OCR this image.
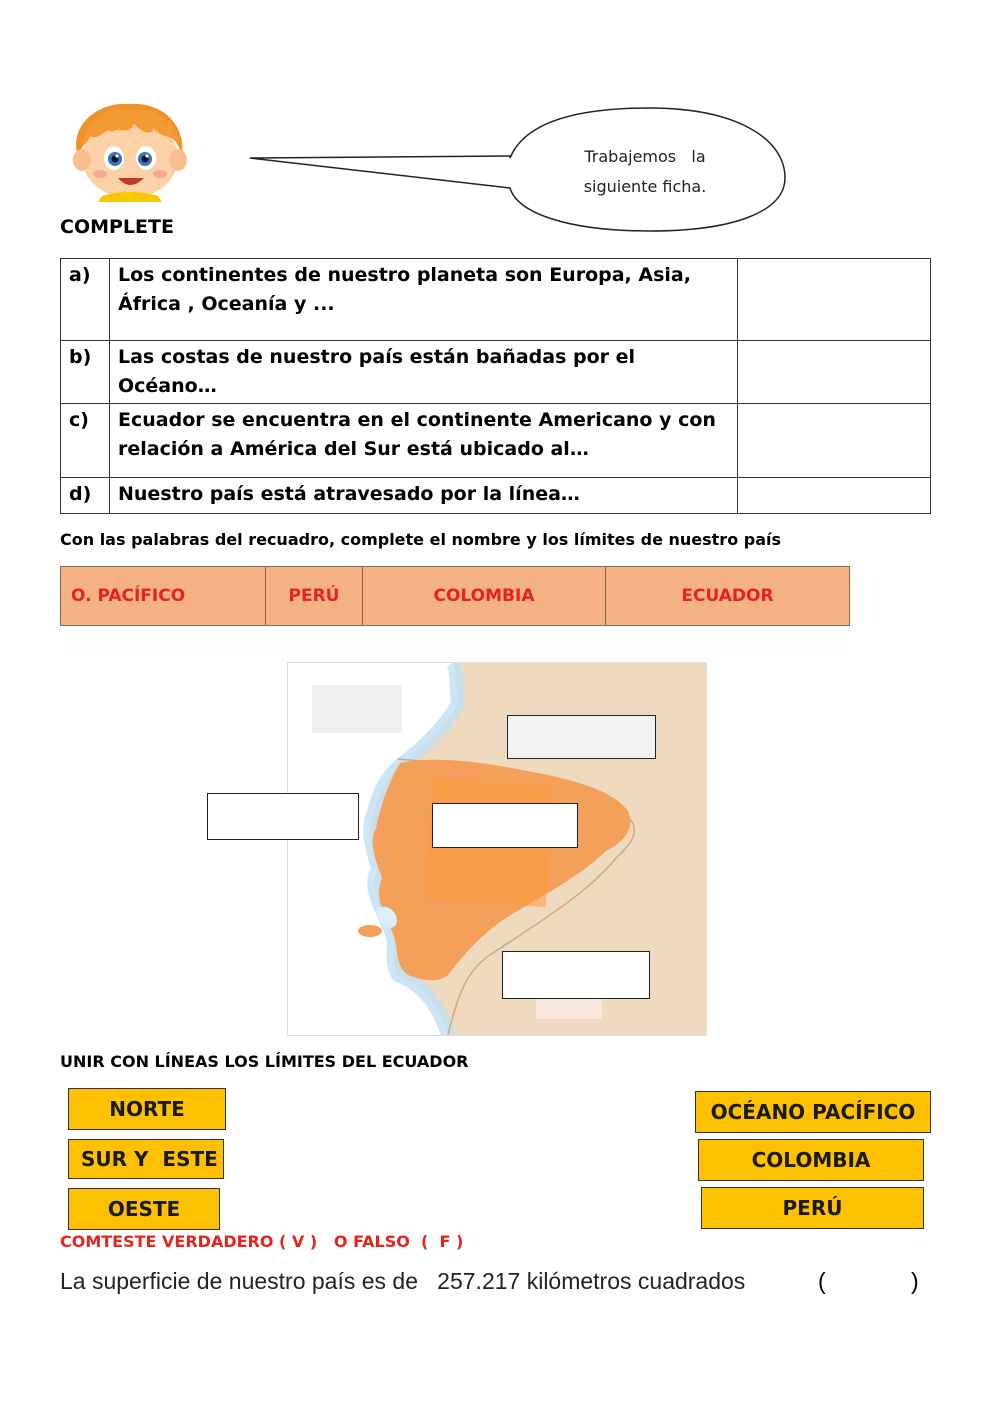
Trabajemos   la
siguiente ficha.
COMPLETE
a)	Los continentes de nuestro planeta son Europa, Asia, África , Oceanía y ...	
b)	Las costas de nuestro país están bañadas por el Océano…	
c)	Ecuador se encuentra en el continente Americano y con relación a América del Sur está ubicado al…	
d)	Nuestro país está atravesado por la línea…	
Con las palabras del recuadro, complete el nombre y los límites de nuestro país
O. PACÍFICO	PERÚ	COLOMBIA	ECUADOR
UNIR CON LÍNEAS LOS LÍMITES DEL ECUADOR
NORTE
SUR Y  ESTE
OESTE
OCÉANO PACÍFICO
COLOMBIA
PERÚ
COMTESTE VERDADERO ( V )   O FALSO  (  F )
La superficie de nuestro país es de   257.217 kilómetros cuadrados	(	)
